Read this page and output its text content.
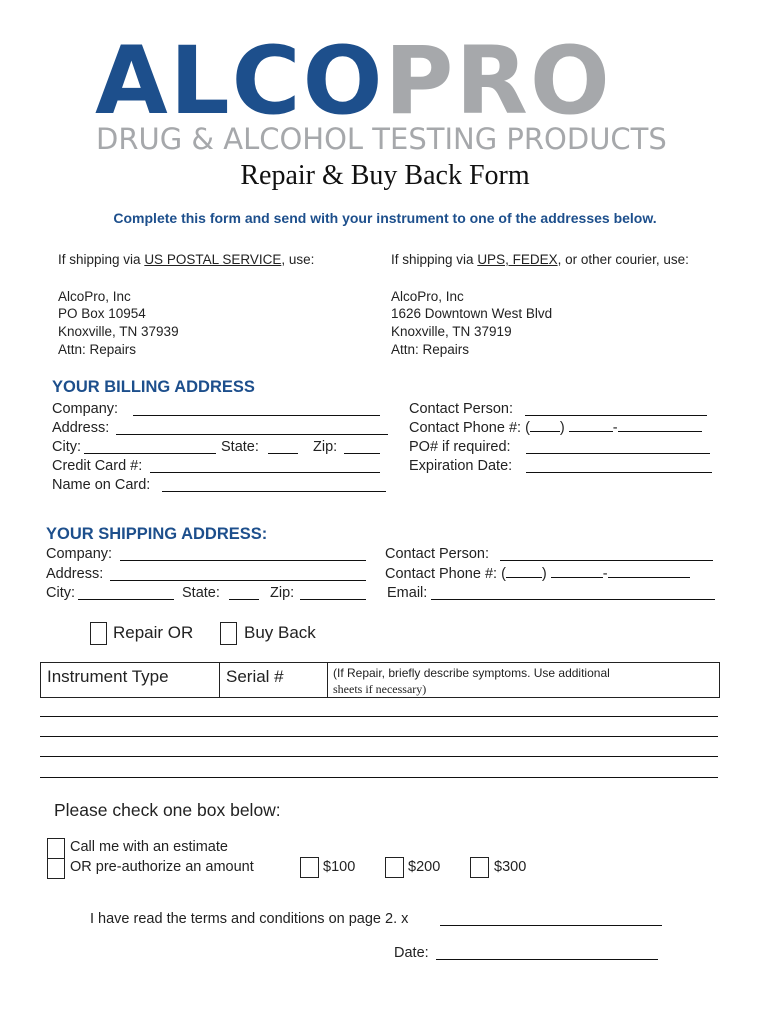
ALCOPRO
DRUG & ALCOHOL TESTING PRODUCTS
Repair & Buy Back Form
Complete this form and send with your instrument to one of the addresses below.
If shipping via US POSTAL SERVICE, use:	If shipping via UPS, FEDEX, or other courier, use:
AlcoPro, Inc
PO Box 10954
Knoxville, TN 37939
Attn: Repairs
AlcoPro, Inc
1626 Downtown West Blvd
Knoxville, TN 37919
Attn: Repairs
YOUR BILLING ADDRESS
Company:
Address:
City:	State:	Zip:
Credit Card #:
Name on Card:
Contact Person:
Contact Phone #: ( )	-
PO# if required:
Expiration Date:
YOUR SHIPPING ADDRESS:
Company:
Address:
City:	State:	Zip:
Contact Person:
Contact Phone #: ( )	-
Email:
Repair OR	Buy Back
Instrument Type	Serial #	(If Repair, briefly describe symptoms. Use additional
sheets if necessary)
Please check one box below:
Call me with an estimate
OR pre-authorize an amount	$100	$200	$300
I have read the terms and conditions on page 2. x
Date:
